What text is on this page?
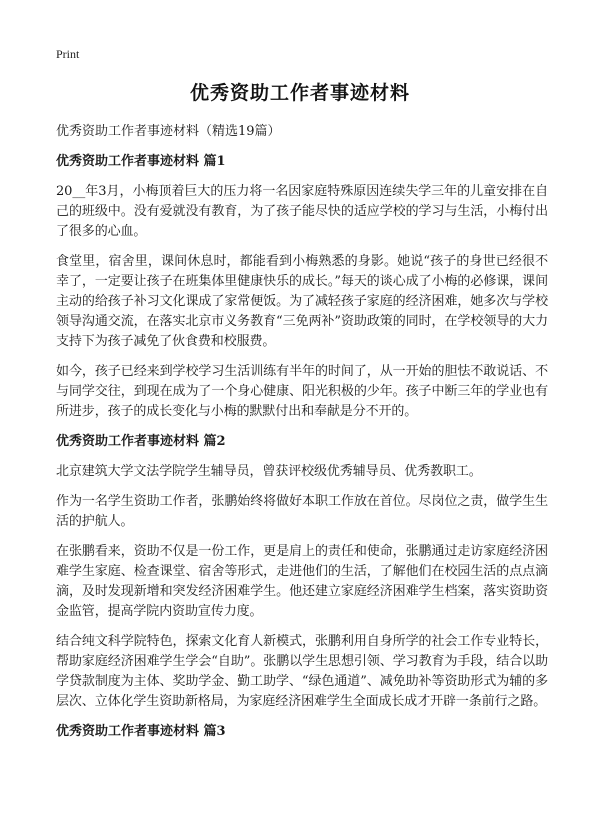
Print
优秀资助工作者事迹材料

优秀资助工作者事迹材料（精选19篇）

优秀资助工作者事迹材料 篇1

20__年3月，小梅顶着巨大的压力将一名因家庭特殊原因连续失学三年的儿童安排在自己的班级中。没有爱就没有教育，为了孩子能尽快的适应学校的学习与生活，小梅付出了很多的心血。

食堂里，宿舍里，课间休息时，都能看到小梅熟悉的身影。她说“孩子的身世已经很不幸了，一定要让孩子在班集体里健康快乐的成长。”每天的谈心成了小梅的必修课，课间主动的给孩子补习文化课成了家常便饭。为了减轻孩子家庭的经济困难，她多次与学校领导沟通交流，在落实北京市义务教育“三免两补”资助政策的同时，在学校领导的大力支持下为孩子减免了伙食费和校服费。

如今，孩子已经来到学校学习生活训练有半年的时间了，从一开始的胆怯不敢说话、不与同学交往，到现在成为了一个身心健康、阳光积极的少年。孩子中断三年的学业也有所进步，孩子的成长变化与小梅的默默付出和奉献是分不开的。

优秀资助工作者事迹材料 篇2

北京建筑大学文法学院学生辅导员，曾获评校级优秀辅导员、优秀教职工。

作为一名学生资助工作者，张鹏始终将做好本职工作放在首位。尽岗位之责，做学生生活的护航人。

在张鹏看来，资助不仅是一份工作，更是肩上的责任和使命，张鹏通过走访家庭经济困难学生家庭、检查课堂、宿舍等形式，走进他们的生活，了解他们在校园生活的点点滴滴，及时发现新增和突发经济困难学生。他还建立家庭经济困难学生档案，落实资助资金监管，提高学院内资助宣传力度。

结合纯文科学院特色，探索文化育人新模式，张鹏利用自身所学的社会工作专业特长，帮助家庭经济困难学生学会“自助”。张鹏以学生思想引领、学习教育为手段，结合以助学贷款制度为主体、奖助学金、勤工助学、“绿色通道”、减免助补等资助形式为辅的多层次、立体化学生资助新格局，为家庭经济困难学生全面成长成才开辟一条前行之路。

优秀资助工作者事迹材料 篇3
